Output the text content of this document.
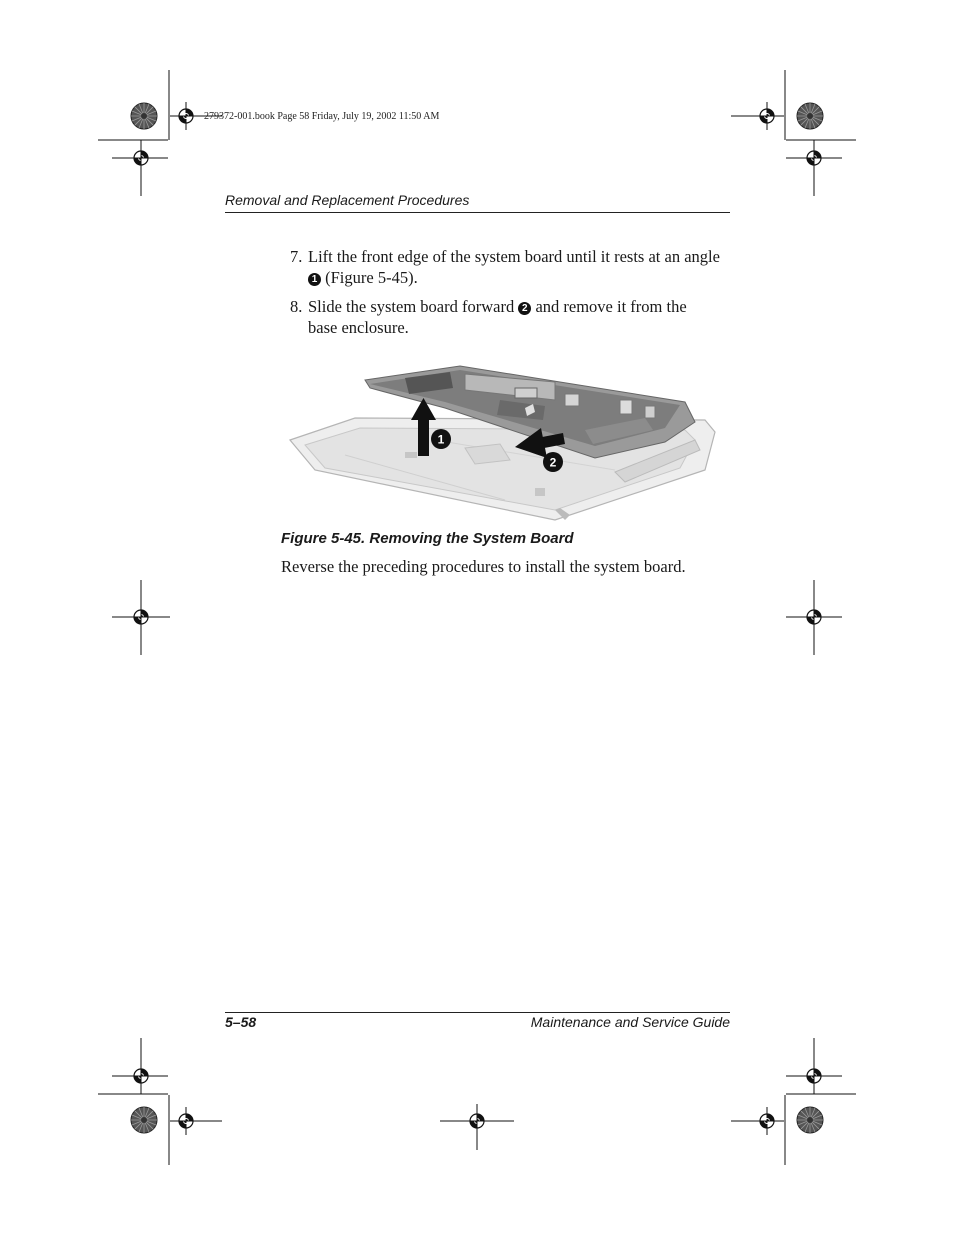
279372-001.book Page 58 Friday, July 19, 2002 11:50 AM
Removal and Replacement Procedures
7. Lift the front edge of the system board until it rests at an angle 1 (Figure 5-45).
8. Slide the system board forward 2 and remove it from the base enclosure.
1
2
Figure 5-45. Removing the System Board
Reverse the preceding procedures to install the system board.
5–58	Maintenance and Service Guide
